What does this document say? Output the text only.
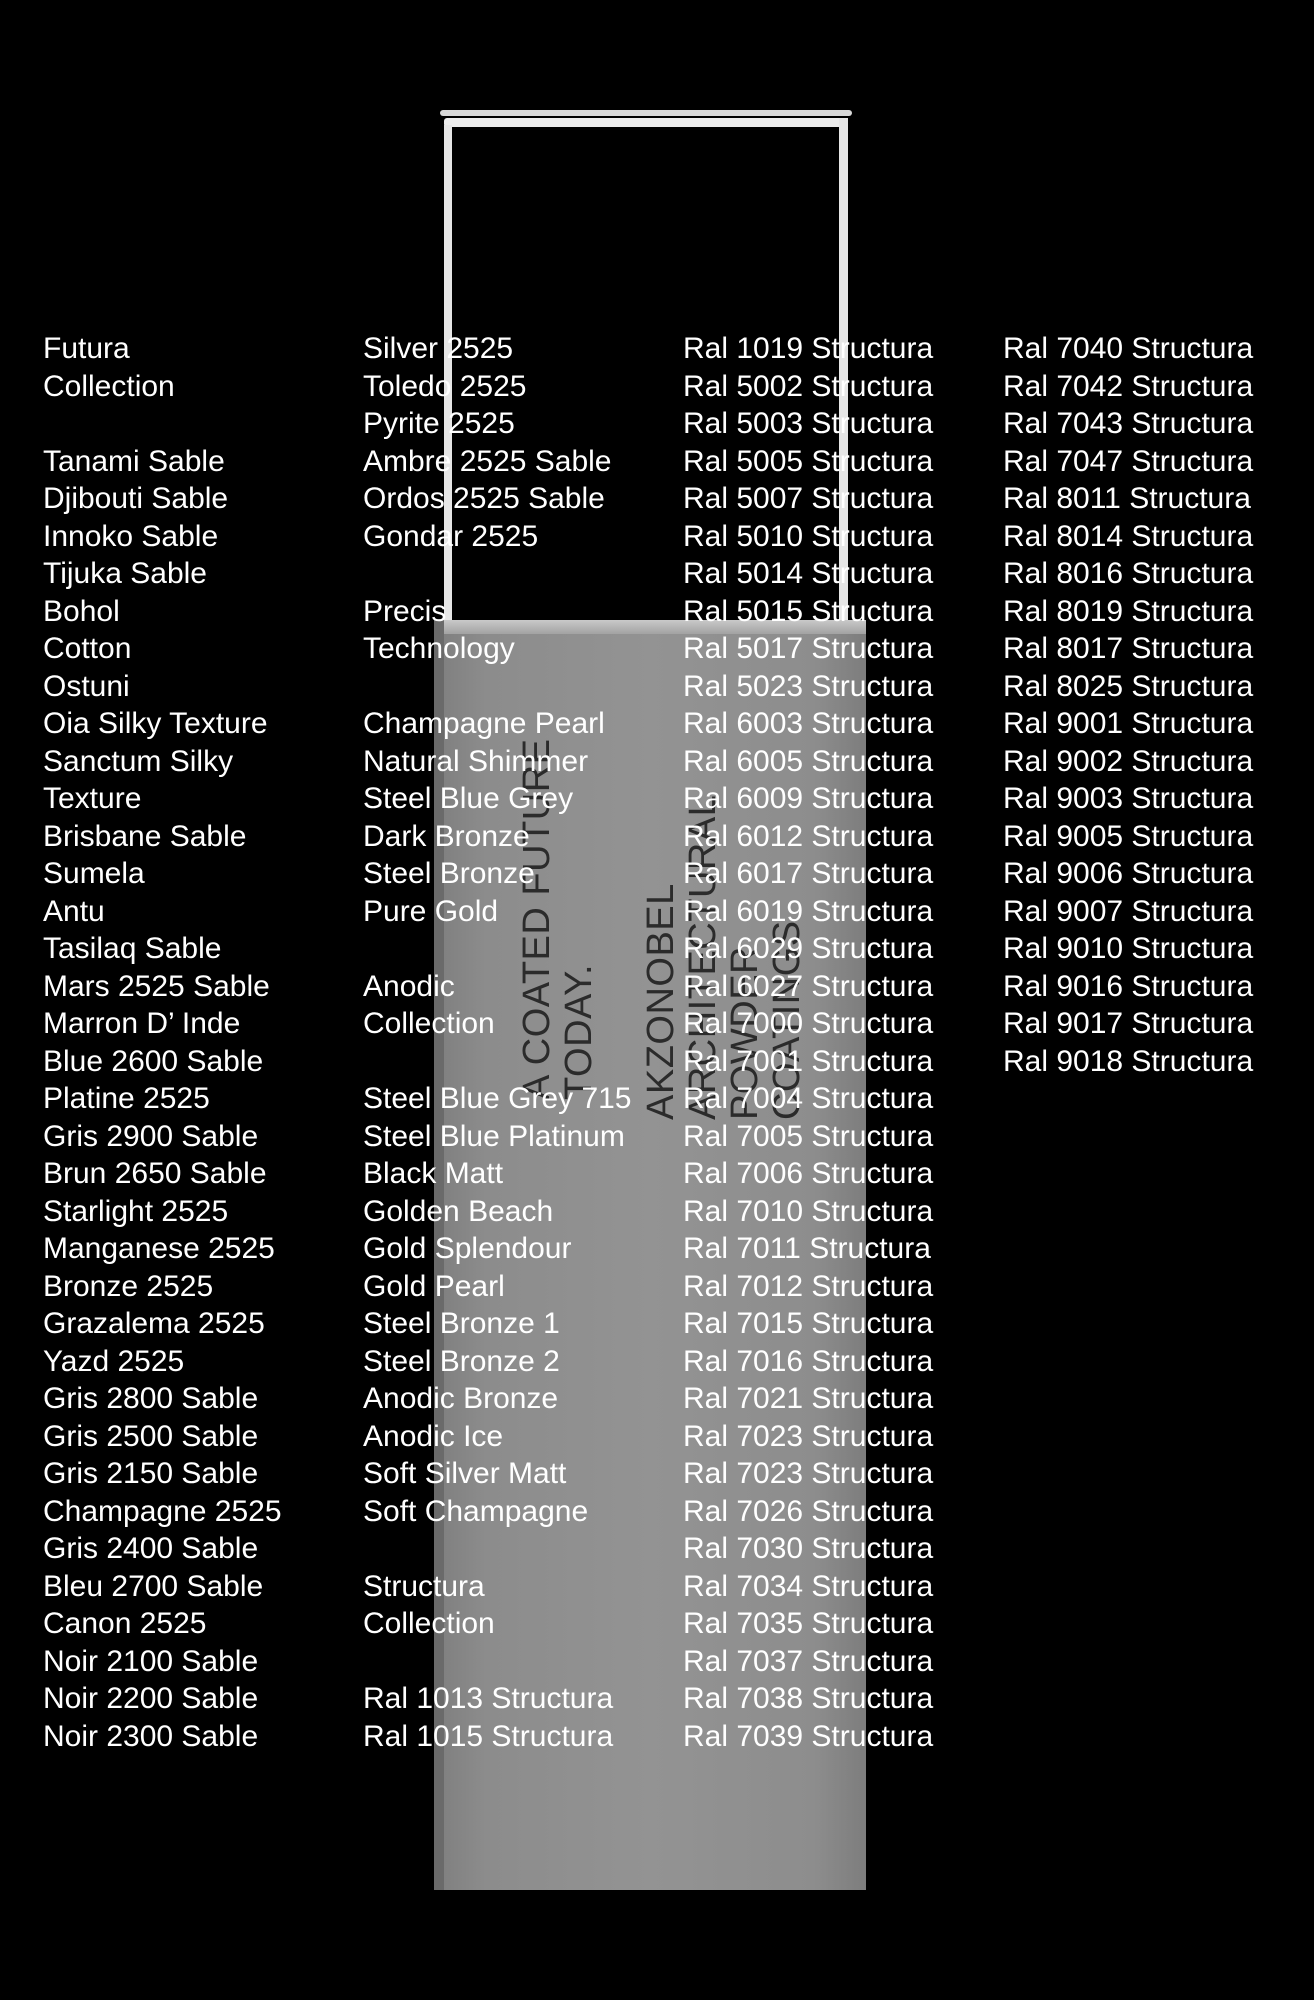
A COATED FUTURE
TODAY. AKZONOBEL
ARCHITECTURAL
POWDER
COATINGS
Futura
Collection
Tanami Sable
Djibouti Sable
Innoko Sable
Tijuka Sable
Bohol
Cotton
Ostuni
Oia Silky Texture
Sanctum Silky
Texture
Brisbane Sable
Sumela
Antu
Tasilaq Sable
Mars 2525 Sable
Marron D’ Inde
Blue 2600 Sable
Platine 2525
Gris 2900 Sable
Brun 2650 Sable
Starlight 2525
Manganese 2525
Bronze 2525
Grazalema 2525
Yazd 2525
Gris 2800 Sable
Gris 2500 Sable
Gris 2150 Sable
Champagne 2525
Gris 2400 Sable
Bleu 2700 Sable
Canon 2525
Noir 2100 Sable
Noir 2200 Sable
Noir 2300 Sable
Silver 2525
Toledo 2525
Pyrite 2525
Ambre 2525 Sable
Ordos 2525 Sable
Gondar 2525
Precis
Technology
Champagne Pearl
Natural Shimmer
Steel Blue Grey
Dark Bronze
Steel Bronze
Pure Gold
Anodic
Collection
Steel Blue Grey 715
Steel Blue Platinum
Black Matt
Golden Beach
Gold Splendour
Gold Pearl
Steel Bronze 1
Steel Bronze 2
Anodic Bronze
Anodic Ice
Soft Silver Matt
Soft Champagne
Structura
Collection
Ral 1013 Structura
Ral 1015 Structura
Ral 1019 Structura
Ral 5002 Structura
Ral 5003 Structura
Ral 5005 Structura
Ral 5007 Structura
Ral 5010 Structura
Ral 5014 Structura
Ral 5015 Structura
Ral 5017 Structura
Ral 5023 Structura
Ral 6003 Structura
Ral 6005 Structura
Ral 6009 Structura
Ral 6012 Structura
Ral 6017 Structura
Ral 6019 Structura
Ral 6029 Structura
Ral 6027 Structura
Ral 7000 Structura
Ral 7001 Structura
Ral 7004 Structura
Ral 7005 Structura
Ral 7006 Structura
Ral 7010 Structura
Ral 7011 Structura
Ral 7012 Structura
Ral 7015 Structura
Ral 7016 Structura
Ral 7021 Structura
Ral 7023 Structura
Ral 7023 Structura
Ral 7026 Structura
Ral 7030 Structura
Ral 7034 Structura
Ral 7035 Structura
Ral 7037 Structura
Ral 7038 Structura
Ral 7039 Structura
Ral 7040 Structura
Ral 7042 Structura
Ral 7043 Structura
Ral 7047 Structura
Ral 8011 Structura
Ral 8014 Structura
Ral 8016 Structura
Ral 8019 Structura
Ral 8017 Structura
Ral 8025 Structura
Ral 9001 Structura
Ral 9002 Structura
Ral 9003 Structura
Ral 9005 Structura
Ral 9006 Structura
Ral 9007 Structura
Ral 9010 Structura
Ral 9016 Structura
Ral 9017 Structura
Ral 9018 Structura
